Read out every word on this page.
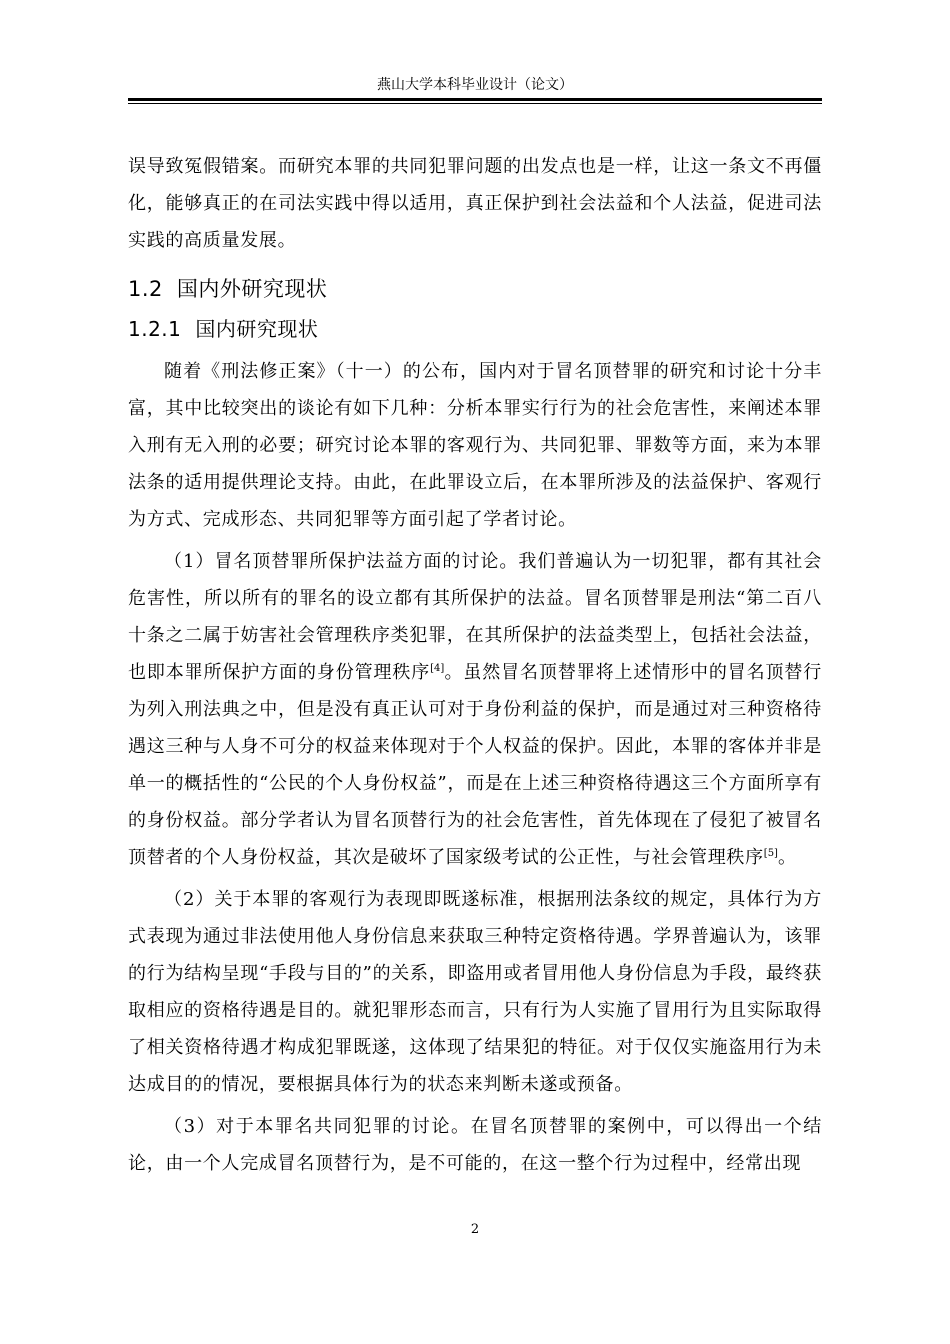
燕山大学本科毕业设计（论文）

误导致冤假错案。而研究本罪的共同犯罪问题的出发点也是一样，让这一条文不再僵化，能够真正的在司法实践中得以适用，真正保护到社会法益和个人法益，促进司法实践的高质量发展。

1.2 国内外研究现状
1.2.1 国内研究现状

随着《刑法修正案》（十一）的公布，国内对于冒名顶替罪的研究和讨论十分丰富，其中比较突出的谈论有如下几种：分析本罪实行行为的社会危害性，来阐述本罪入刑有无入刑的必要；研究讨论本罪的客观行为、共同犯罪、罪数等方面，来为本罪法条的适用提供理论支持。由此，在此罪设立后，在本罪所涉及的法益保护、客观行为方式、完成形态、共同犯罪等方面引起了学者讨论。

（1）冒名顶替罪所保护法益方面的讨论。我们普遍认为一切犯罪，都有其社会危害性，所以所有的罪名的设立都有其所保护的法益。冒名顶替罪是刑法“第二百八十条之二属于妨害社会管理秩序类犯罪，在其所保护的法益类型上，包括社会法益，也即本罪所保护方面的身份管理秩序[4]。虽然冒名顶替罪将上述情形中的冒名顶替行为列入刑法典之中，但是没有真正认可对于身份利益的保护，而是通过对三种资格待遇这三种与人身不可分的权益来体现对于个人权益的保护。因此，本罪的客体并非是单一的概括性的“公民的个人身份权益”，而是在上述三种资格待遇这三个方面所享有的身份权益。部分学者认为冒名顶替行为的社会危害性，首先体现在了侵犯了被冒名顶替者的个人身份权益，其次是破坏了国家级考试的公正性，与社会管理秩序[5]。

（2）关于本罪的客观行为表现即既遂标准，根据刑法条纹的规定，具体行为方式表现为通过非法使用他人身份信息来获取三种特定资格待遇。学界普遍认为，该罪的行为结构呈现“手段与目的”的关系，即盗用或者冒用他人身份信息为手段，最终获取相应的资格待遇是目的。就犯罪形态而言，只有行为人实施了冒用行为且实际取得了相关资格待遇才构成犯罪既遂，这体现了结果犯的特征。对于仅仅实施盗用行为未达成目的的情况，要根据具体行为的状态来判断未遂或预备。

（3）对于本罪名共同犯罪的讨论。在冒名顶替罪的案例中，可以得出一个结论，由一个人完成冒名顶替行为，是不可能的，在这一整个行为过程中，经常出现

2
